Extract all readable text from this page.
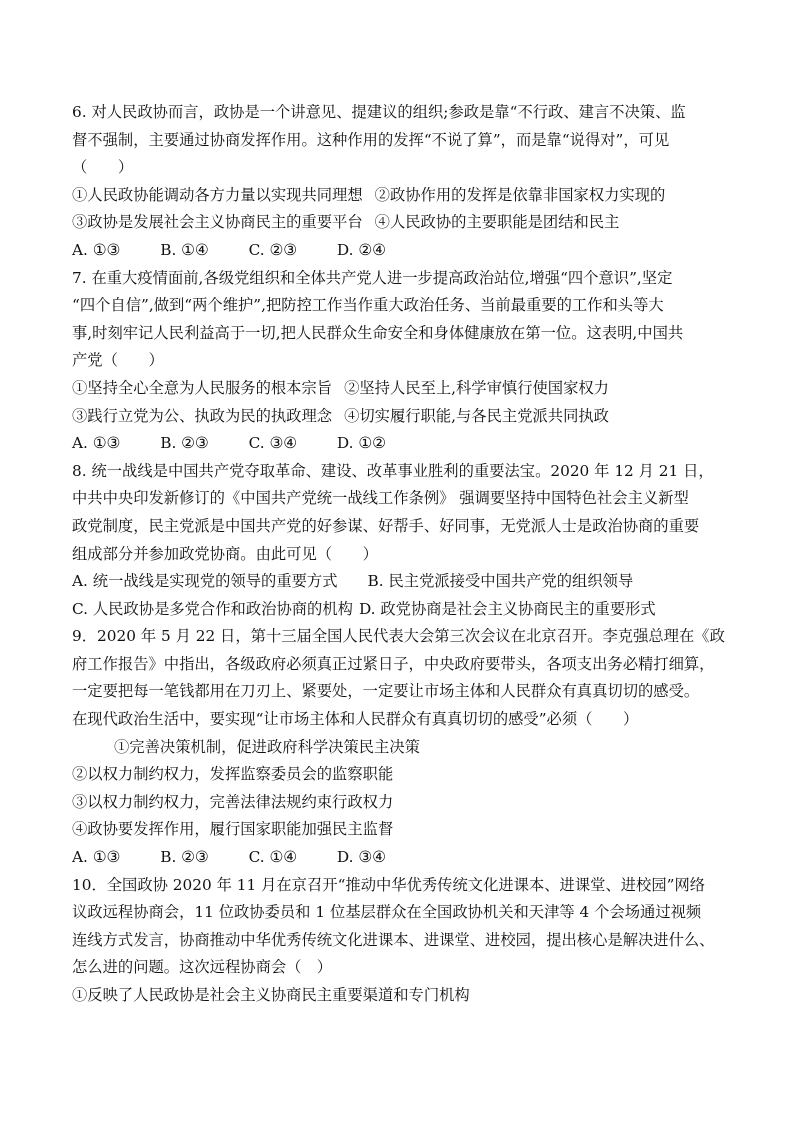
6. 对人民政协而言，政协是一个讲意见、提建议的组织;参政是靠“不行政、建言不决策、监
督不强制，主要通过协商发挥作用。这种作用的发挥“不说了算”，而是靠“说得对”，可见
（　　）
①人民政协能调动各方力量以实现共同理想 ②政协作用的发挥是依靠非国家权力实现的
③政协是发展社会主义协商民主的重要平台 ④人民政协的主要职能是团结和民主
A. ①③	B. ①④	C. ②③	D. ②④
7. 在重大疫情面前,各级党组织和全体共产党人进一步提高政治站位,增强“四个意识”,坚定
“四个自信”,做到“两个维护”,把防控工作当作重大政治任务、当前最重要的工作和头等大
事,时刻牢记人民利益高于一切,把人民群众生命安全和身体健康放在第一位。这表明,中国共
产党（　　）
①坚持全心全意为人民服务的根本宗旨 ②坚持人民至上,科学审慎行使国家权力
③践行立党为公、执政为民的执政理念 ④切实履行职能,与各民主党派共同执政
A. ①③	B. ②③	C. ③④	D. ①②
8. 统一战线是中国共产党夺取革命、建设、改革事业胜利的重要法宝。2020 年 12 月 21 日，
中共中央印发新修订的《中国共产党统一战线工作条例》 强调要坚持中国特色社会主义新型
政党制度，民主党派是中国共产党的好参谋、好帮手、好同事，无党派人士是政治协商的重要
组成部分并参加政党协商。由此可见（　　）
A. 统一战线是实现党的领导的重要方式 B. 民主党派接受中国共产党的组织领导
C. 人民政协是多党合作和政治协商的机构 D. 政党协商是社会主义协商民主的重要形式
9．2020 年 5 月 22 日，第十三届全国人民代表大会第三次会议在北京召开。李克强总理在《政
府工作报告》中指出，各级政府必须真正过紧日子，中央政府要带头，各项支出务必精打细算，
一定要把每一笔钱都用在刀刃上、紧要处，一定要让市场主体和人民群众有真真切切的感受。
在现代政治生活中，要实现“让市场主体和人民群众有真真切切的感受”必须（　　）
①完善决策机制，促进政府科学决策民主决策
②以权力制约权力，发挥监察委员会的监察职能
③以权力制约权力，完善法律法规约束行政权力
④政协要发挥作用，履行国家职能加强民主监督
A. ①③	B. ②③	C. ①④	D. ③④
10．全国政协 2020 年 11 月在京召开“推动中华优秀传统文化进课本、进课堂、进校园”网络
议政远程协商会，11 位政协委员和 1 位基层群众在全国政协机关和天津等 4 个会场通过视频
连线方式发言，协商推动中华优秀传统文化进课本、进课堂、进校园，提出核心是解决进什么、
怎么进的问题。这次远程协商会（　）
①反映了人民政协是社会主义协商民主重要渠道和专门机构
